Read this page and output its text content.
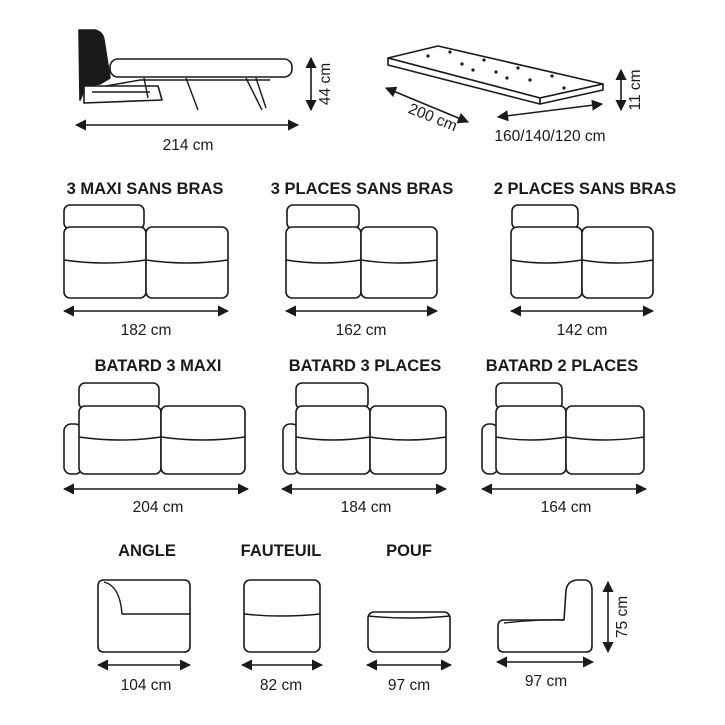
214 cm
44 cm
200 cm
160/140/120 cm
11 cm
3 MAXI SANS BRAS
182 cm
3 PLACES SANS BRAS
162 cm
2 PLACES SANS BRAS
142 cm
BATARD 3 MAXI
204 cm
BATARD 3 PLACES
184 cm
BATARD 2 PLACES
164 cm
ANGLE
104 cm
FAUTEUIL
82 cm
POUF
97 cm	97 cm
75 cm
